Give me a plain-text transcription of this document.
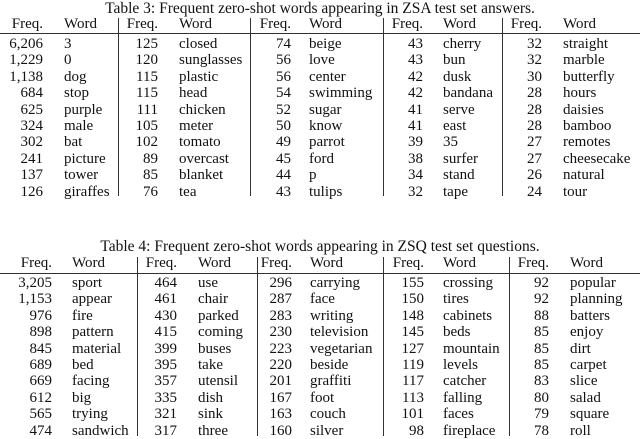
Table 3: Frequent zero-shot words appearing in ZSA test set answers.
Freq. Word
6,206 3
1,229 0
1,138 dog
684 stop
625 purple
324 male
302 bat
241 picture
137 tower
126 giraffes
Freq. Word
125 closed
120 sunglasses
115 plastic
115 head
111 chicken
105 meter
102 tomato
89 overcast
85 blanket
76 tea
Freq. Word
74 beige
56 love
56 center
54 swimming
52 sugar
50 know
49 parrot
45 ford
44 p
43 tulips
Freq. Word
43 cherry
43 bun
42 dusk
42 bandana
41 serve
41 east
39 35
38 surfer
34 stand
32 tape
Freq. Word
32 straight
32 marble
30 butterfly
28 hours
28 daisies
28 bamboo
27 remotes
27 cheesecake
26 natural
24 tour
Table 4: Frequent zero-shot words appearing in ZSQ test set questions.
Freq. Word
3,205 sport
1,153 appear
976 fire
898 pattern
845 material
689 bed
669 facing
612 big
565 trying
474 sandwich
Freq. Word
464 use
461 chair
430 parked
415 coming
399 buses
395 take
357 utensil
335 dish
321 sink
317 three
Freq. Word
296 carrying
287 face
283 writing
230 television
223 vegetarian
220 beside
201 graffiti
167 foot
163 couch
160 silver
Freq. Word
155 crossing
150 tires
148 cabinets
145 beds
127 mountain
119 levels
117 catcher
113 falling
101 faces
98 fireplace
Freq. Word
92 popular
92 planning
88 batters
85 enjoy
85 dirt
85 carpet
83 slice
80 salad
79 square
78 roll
